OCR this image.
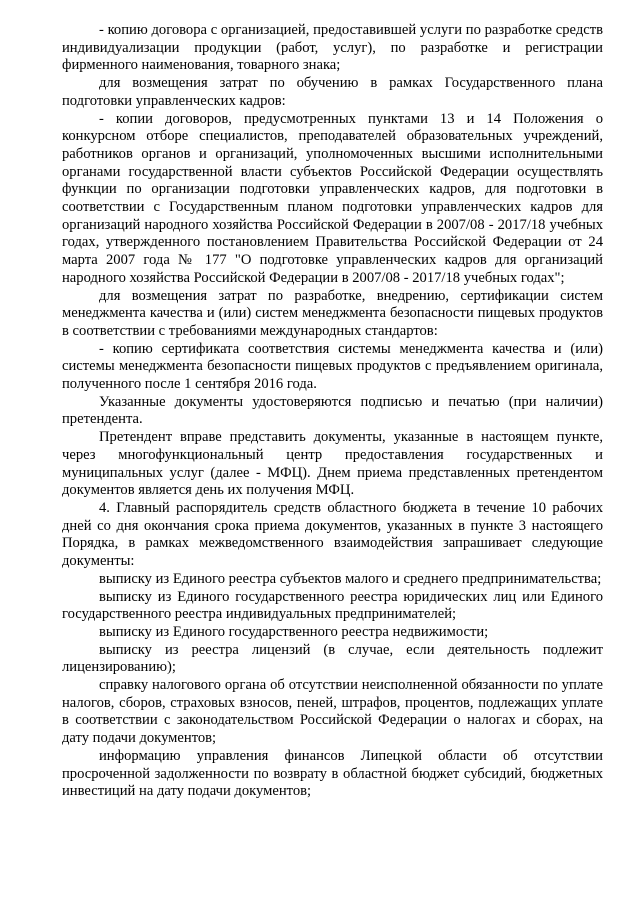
- копию договора с организацией, предоставившей услуги по разработке средств индивидуализации продукции (работ, услуг), по разработке и регистрации фирменного наименования, товарного знака;

для возмещения затрат по обучению в рамках Государственного плана подготовки управленческих кадров:

- копии договоров, предусмотренных пунктами 13 и 14 Положения о конкурсном отборе специалистов, преподавателей образовательных учреждений, работников органов и организаций, уполномоченных высшими исполнительными органами государственной власти субъектов Российской Федерации осуществлять функции по организации подготовки управленческих кадров, для подготовки в соответствии с Государственным планом подготовки управленческих кадров для организаций народного хозяйства Российской Федерации в 2007/08 - 2017/18 учебных годах, утвержденного постановлением Правительства Российской Федерации от 24 марта 2007 года № 177 "О подготовке управленческих кадров для организаций народного хозяйства Российской Федерации в 2007/08 - 2017/18 учебных годах";

для возмещения затрат по разработке, внедрению, сертификации систем менеджмента качества и (или) систем менеджмента безопасности пищевых продуктов в соответствии с требованиями международных стандартов:

- копию сертификата соответствия системы менеджмента качества и (или) системы менеджмента безопасности пищевых продуктов с предъявлением оригинала, полученного после 1 сентября 2016 года.

Указанные документы удостоверяются подписью и печатью (при наличии) претендента.

Претендент вправе представить документы, указанные в настоящем пункте, через многофункциональный центр предоставления государственных и муниципальных услуг (далее - МФЦ). Днем приема представленных претендентом документов является день их получения МФЦ.

4. Главный распорядитель средств областного бюджета в течение 10 рабочих дней со дня окончания срока приема документов, указанных в пункте 3 настоящего Порядка, в рамках межведомственного взаимодействия запрашивает следующие документы:

выписку из Единого реестра субъектов малого и среднего предпринимательства;

выписку из Единого государственного реестра юридических лиц или Единого государственного реестра индивидуальных предпринимателей;

выписку из Единого государственного реестра недвижимости;

выписку из реестра лицензий (в случае, если деятельность подлежит лицензированию);

справку налогового органа об отсутствии неисполненной обязанности по уплате налогов, сборов, страховых взносов, пеней, штрафов, процентов, подлежащих уплате в соответствии с законодательством Российской Федерации о налогах и сборах, на дату подачи документов;

информацию управления финансов Липецкой области об отсутствии просроченной задолженности по возврату в областной бюджет субсидий, бюджетных инвестиций на дату подачи документов;
